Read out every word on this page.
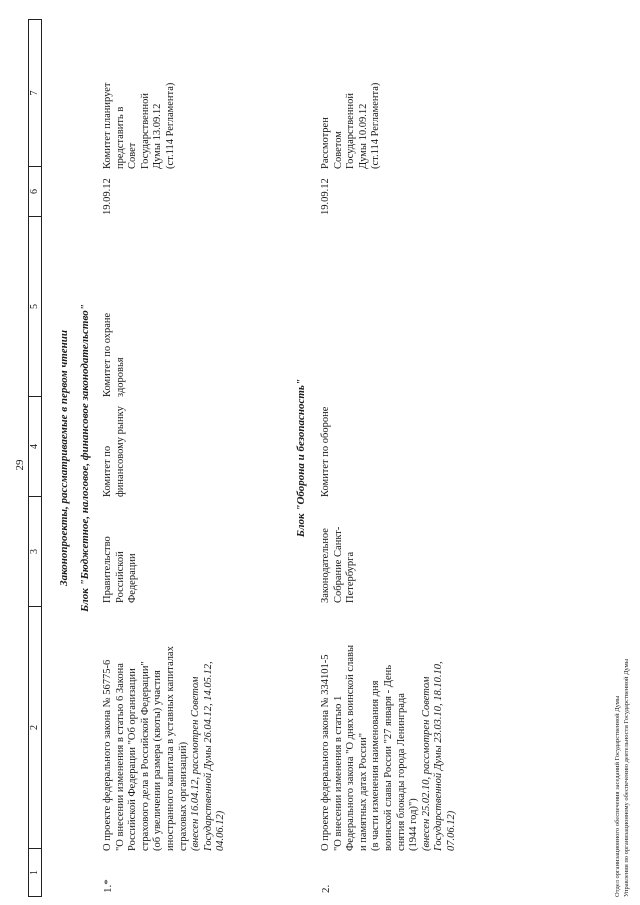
29
1
2
3
4
5
6
7
Законопроекты, рассматриваемые в первом чтении Блок "Бюджетное, налоговое, финансовое законодательство"
1.*
О проекте федерального закона № 56775-6
"О внесении изменения в статью 6 Закона
Российской Федерации "Об организации
страхового дела в Российской Федерации"
(об увеличении размера (квоты) участия
иностранного капитала в уставных капиталах
страховых организаций)
(внесен 16.04.12, рассмотрен Советом
Государственной Думы 26.04.12, 14.05.12,
04.06.12)
Правительство
Российской
Федерации
Комитет по
финансовому рынку
Комитет по охране
здоровья
19.09.12
Комитет планирует
представить в
Совет
Государственной
Думы 13.09.12
(ст.114 Регламента)
Блок "Оборона и безопасность"
2.
О проекте федерального закона № 334101-5
"О внесении изменения в статью 1
Федерального закона "О днях воинской славы
и памятных датах России"
(в части изменения наименования дня
воинской славы России "27 января - День
снятия блокады города Ленинграда
(1944 год)")
(внесен 25.02.10, рассмотрен Советом
Государственной Думы 23.03.10, 18.10.10,
07.06.12)
Законодательное
Собрание Санкт-
Петербурга
Комитет по обороне
19.09.12
Рассмотрен
Советом
Государственной
Думы 10.09.12
(ст.114 Регламента)
Отдел организационного обеспечения заседаний Государственной Думы Управления по организационному обеспечению деятельности Государственной Думы
